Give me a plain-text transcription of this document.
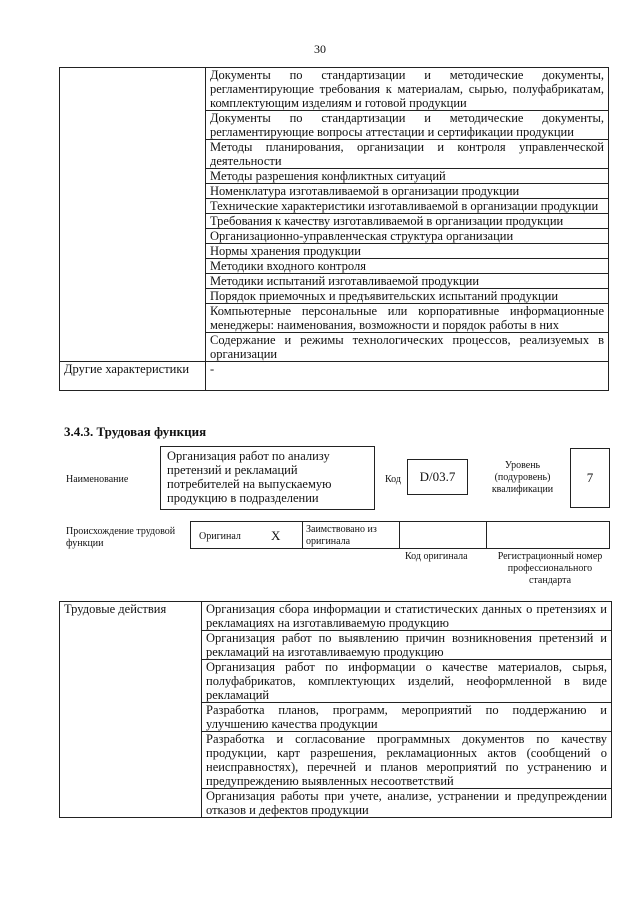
30
	Документы по стандартизации и методические документы, регламентирующие требования к материалам, сырью, полуфабрикатам, комплектующим изделиям и готовой продукции
	Документы по стандартизации и методические документы, регламентирующие вопросы аттестации и сертификации продукции
	Методы планирования, организации и контроля управленческой деятельности
	Методы разрешения конфликтных ситуаций
	Номенклатура изготавливаемой в организации продукции
	Технические характеристики изготавливаемой в организации продукции
	Требования к качеству изготавливаемой в организации продукции
	Организационно-управленческая структура организации
	Нормы хранения продукции
	Методики входного контроля
	Методики испытаний изготавливаемой продукции
	Порядок приемочных и предъявительских испытаний продукции
	Компьютерные персональные или корпоративные информационные менеджеры: наименования, возможности и порядок работы в них
	Содержание и режимы технологических процессов, реализуемых в организации
Другие характеристики	-
3.4.3. Трудовая функция
Наименование
Организация работ по анализу претензий и рекламаций потребителей на выпускаемую продукцию в подразделении
Код	D/03.7
Уровень (подуровень) квалификации
7
Происхождение трудовой функции
Оригинал X	Заимствовано из оригинала
Код оригинала	Регистрационный номер профессионального стандарта
Трудовые действия	Организация сбора информации и статистических данных о претензиях и рекламациях на изготавливаемую продукцию
Организация работ по выявлению причин возникновения претензий и рекламаций на изготавливаемую продукцию
Организация работ по информации о качестве материалов, сырья, полуфабрикатов, комплектующих изделий, неоформленной в виде рекламаций
Разработка планов, программ, мероприятий по поддержанию и улучшению качества продукции
Разработка и согласование программных документов по качеству продукции, карт разрешения, рекламационных актов (сообщений о неисправностях), перечней и планов мероприятий по устранению и предупреждению выявленных несоответствий
Организация работы при учете, анализе, устранении и предупреждении отказов и дефектов продукции
